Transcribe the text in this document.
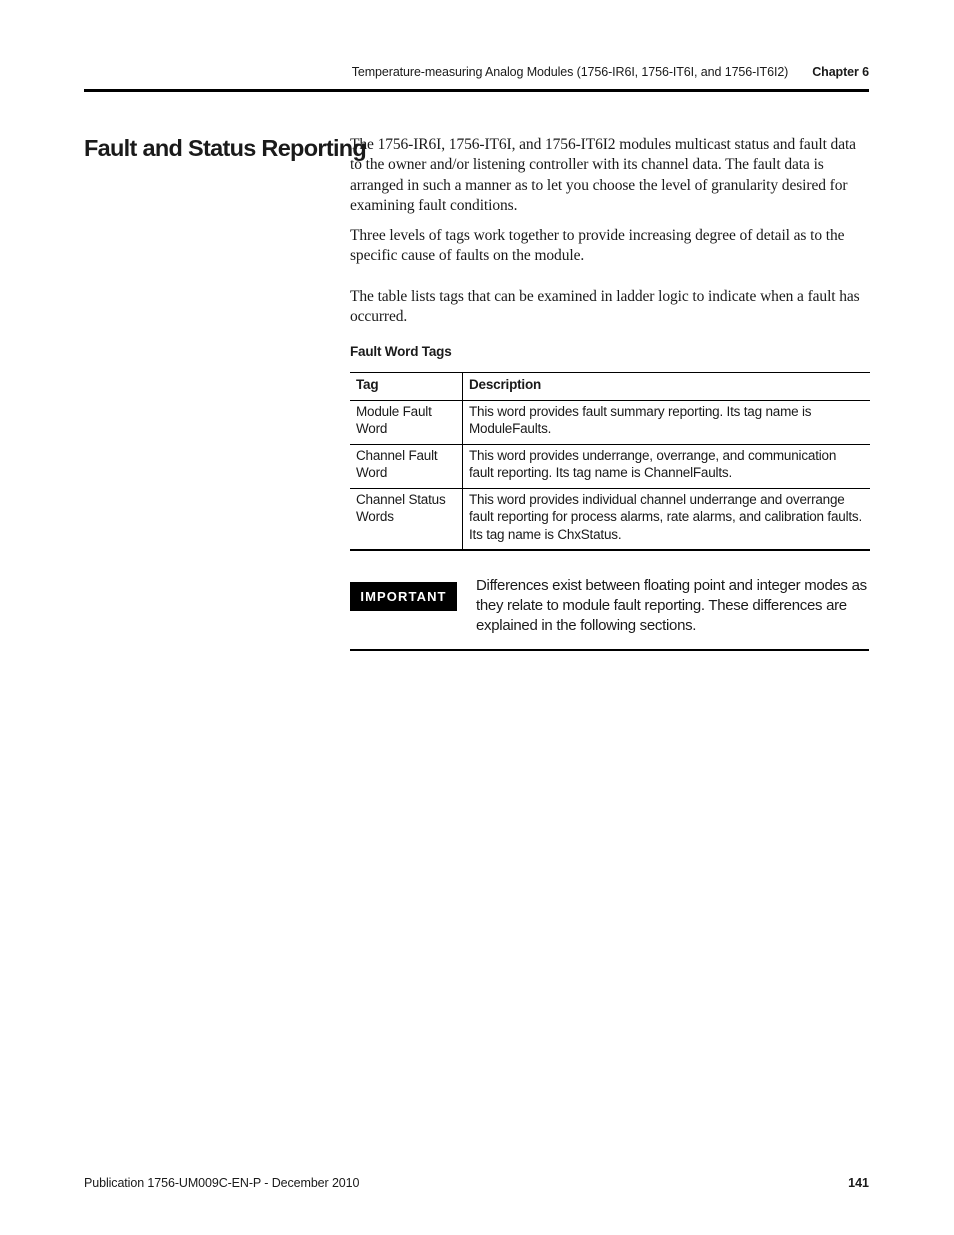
Temperature-measuring Analog Modules (1756-IR6I, 1756-IT6I, and 1756-IT6I2) Chapter 6
Fault and Status Reporting

The 1756-IR6I, 1756-IT6I, and 1756-IT6I2 modules multicast status and fault data to the owner and/or listening controller with its channel data. The fault data is arranged in such a manner as to let you choose the level of granularity desired for examining fault conditions.

Three levels of tags work together to provide increasing degree of detail as to the specific cause of faults on the module.

The table lists tags that can be examined in ladder logic to indicate when a fault has occurred.

Fault Word Tags
Tag	Description
Module Fault Word	This word provides fault summary reporting. Its tag name is ModuleFaults.
Channel Fault Word	This word provides underrange, overrange, and communication fault reporting. Its tag name is ChannelFaults.
Channel Status Words	This word provides individual channel underrange and overrange fault reporting for process alarms, rate alarms, and calibration faults. Its tag name is ChxStatus.
IMPORTANT

Differences exist between floating point and integer modes as they relate to module fault reporting. These differences are explained in the following sections.

Publication 1756-UM009C-EN-P - December 2010	141
